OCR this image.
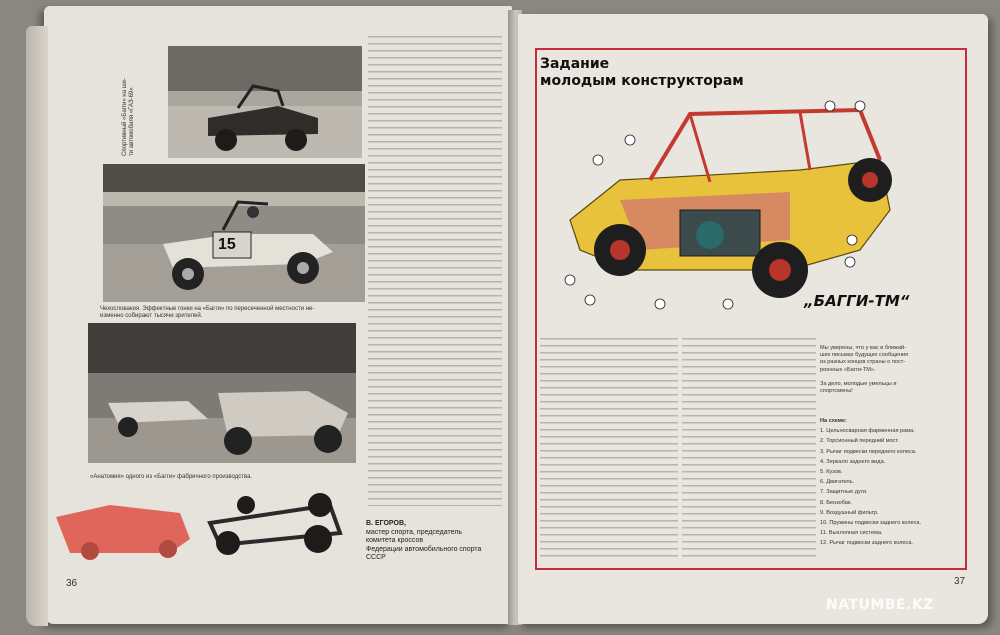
Спортивный «Багги» на ши-
ти автомобиля «ГАЗ-69»
15
Чехословакия. Эффектные гонки на «Багги» по пересеченной местности не-
изменно собирают тысячи зрителей.
«Анатомия» одного из «Багги» фабричного производства.
В. ЕГОРОВ,
мастер спорта, председатель
комитета кроссов
Федерации автомобильного спорта
СССР
36
Задание
молодым конструкторам
„БАГГИ-ТМ“
Мы уверены, что у вас в ближай-
ших письмах будущих сообщения
из разных концов страны о пост-
роенных «Багги-ТМ».

За дело, молодые умельцы и
спортсмены!
На схеме:
1. Цельносварная фарменная рама.
2. Торсионный передний мост.
3. Рычаг подвески переднего колеса.
4. Зеркало заднего вида.
5. Кузов.
6. Двигатель.
7. Защитные дуги.
8. Бензобак.
9. Воздушный фильтр.
10. Пружины подвески заднего колеса.
11. Выхлопная система.
12. Рычаг подвески заднего колеса.
37
NATUMBE.KZ
